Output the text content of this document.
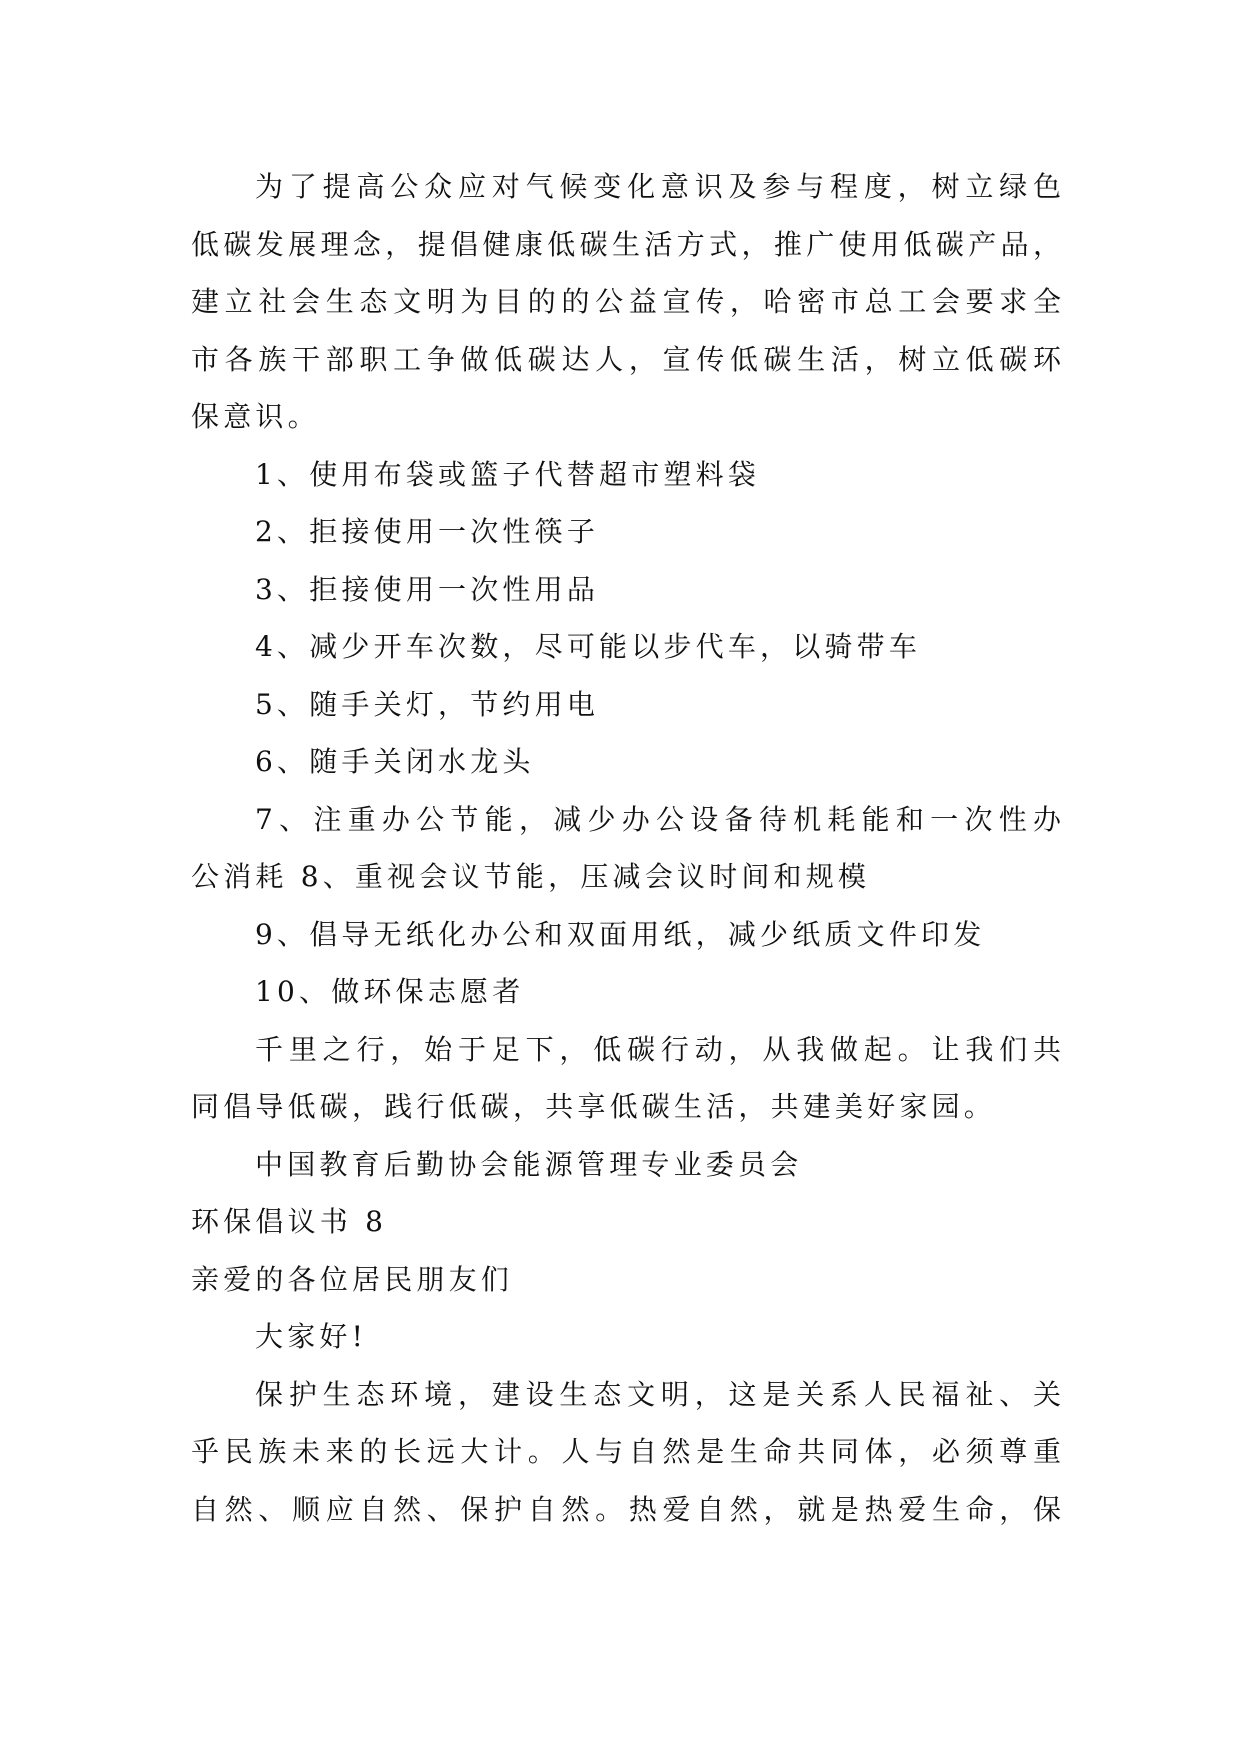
为了提高公众应对气候变化意识及参与程度，树立绿色

低碳发展理念，提倡健康低碳生活方式，推广使用低碳产品，

建立社会生态文明为目的的公益宣传，哈密市总工会要求全

市各族干部职工争做低碳达人，宣传低碳生活，树立低碳环

保意识。

1、使用布袋或篮子代替超市塑料袋

2、拒接使用一次性筷子

3、拒接使用一次性用品

4、减少开车次数，尽可能以步代车，以骑带车

5、随手关灯，节约用电

6、随手关闭水龙头

7、注重办公节能，减少办公设备待机耗能和一次性办

公消耗 8、重视会议节能，压减会议时间和规模

9、倡导无纸化办公和双面用纸，减少纸质文件印发

10、做环保志愿者

千里之行，始于足下，低碳行动，从我做起。让我们共

同倡导低碳，践行低碳，共享低碳生活，共建美好家园。

中国教育后勤协会能源管理专业委员会

环保倡议书 8

亲爱的各位居民朋友们

大家好!

保护生态环境，建设生态文明，这是关系人民福祉、关

乎民族未来的长远大计。人与自然是生命共同体，必须尊重

自然、顺应自然、保护自然。热爱自然，就是热爱生命，保
